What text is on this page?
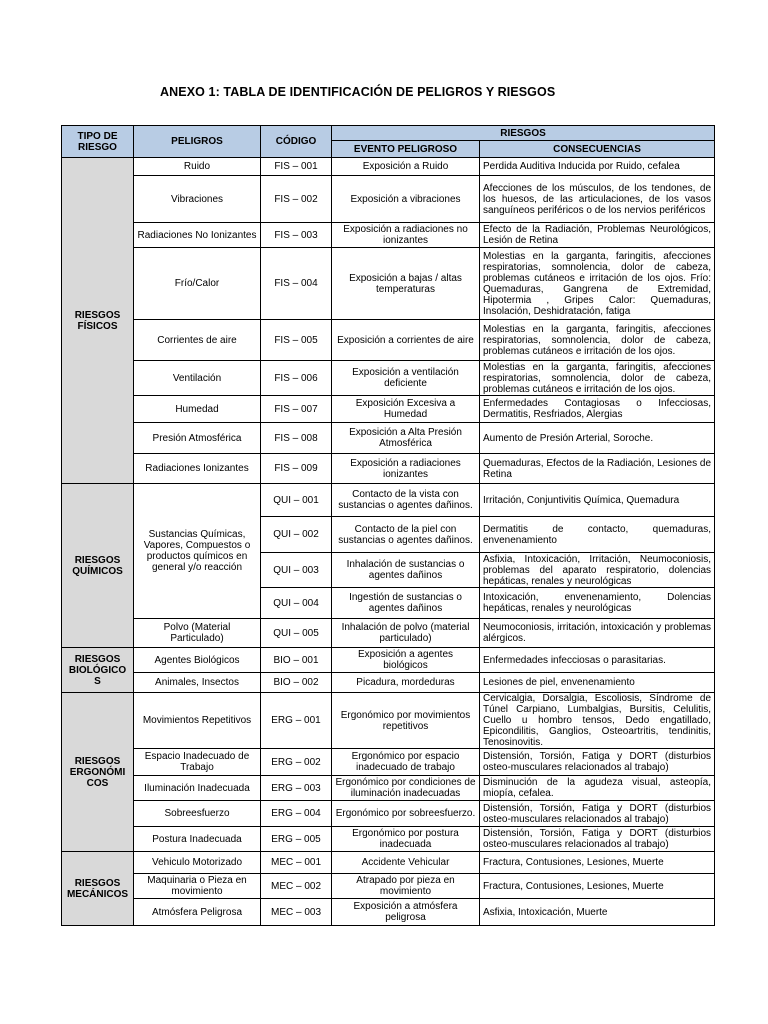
ANEXO 1: TABLA DE IDENTIFICACIÓN DE PELIGROS Y RIESGOS
TIPO DE RIESGO	PELIGROS	CÓDIGO	RIESGOS	
			EVENTO PELIGROSO	CONSECUENCIAS
RIESGOS FÍSICOS	Ruido	FIS – 001	Exposición a Ruido	Perdida Auditiva Inducida por Ruido, cefalea
	Vibraciones	FIS – 002	Exposición a vibraciones	Afecciones de los músculos, de los tendones, de los huesos, de las articulaciones, de los vasos sanguíneos periféricos o de los nervios periféricos
	Radiaciones No Ionizantes	FIS – 003	Exposición a radiaciones no ionizantes	Efecto de la Radiación, Problemas Neurológicos, Lesión de Retina
	Frío/Calor	FIS – 004	Exposición a bajas / altas temperaturas	Molestias en la garganta, faringitis, afecciones respiratorias, somnolencia, dolor de cabeza, problemas cutáneos e irritación de los ojos. Frío: Quemaduras, Gangrena de Extremidad, Hipotermia , Gripes Calor: Quemaduras, Insolación, Deshidratación, fatiga
	Corrientes de aire	FIS – 005	Exposición a corrientes de aire	Molestias en la garganta, faringitis, afecciones respiratorias, somnolencia, dolor de cabeza, problemas cutáneos e irritación de los ojos.
	Ventilación	FIS – 006	Exposición a ventilación deficiente	Molestias en la garganta, faringitis, afecciones respiratorias, somnolencia, dolor de cabeza, problemas cutáneos e irritación de los ojos.
	Humedad	FIS – 007	Exposición Excesiva a Humedad	Enfermedades Contagiosas o Infecciosas, Dermatitis, Resfriados, Alergias
	Presión Atmosférica	FIS – 008	Exposición a Alta Presión Atmosférica	Aumento de Presión Arterial, Soroche.
	Radiaciones Ionizantes	FIS – 009	Exposición a radiaciones ionizantes	Quemaduras, Efectos de la Radiación, Lesiones de Retina
RIESGOS QUÍMICOS	Sustancias Químicas, Vapores, Compuestos o productos químicos en general y/o reacción	QUI – 001	Contacto de la vista con sustancias o agentes dañinos.	Irritación, Conjuntivitis Química, Quemadura
		QUI – 002	Contacto de la piel con sustancias o agentes dañinos.	Dermatitis de contacto, quemaduras, envenenamiento
		QUI – 003	Inhalación de sustancias o agentes dañinos	Asfixia, Intoxicación, Irritación, Neumoconiosis, problemas del aparato respiratorio, dolencias hepáticas, renales y neurológicas
		QUI – 004	Ingestión de sustancias o agentes dañinos	Intoxicación, envenenamiento, Dolencias hepáticas, renales y neurológicas
	Polvo (Material Particulado)	QUI – 005	Inhalación de polvo (material particulado)	Neumoconiosis, irritación, intoxicación y problemas alérgicos.
RIESGOS BIOLÓGICO S	Agentes Biológicos	BIO – 001	Exposición a agentes biológicos	Enfermedades infecciosas o parasitarias.
	Animales, Insectos	BIO – 002	Picadura, mordeduras	Lesiones de piel, envenenamiento
RIESGOS ERGONÓMI COS	Movimientos Repetitivos	ERG – 001	Ergonómico por movimientos repetitivos	Cervicalgia, Dorsalgia, Escoliosis, Síndrome de Túnel Carpiano, Lumbalgias, Bursitis, Celulitis, Cuello u hombro tensos, Dedo engatillado, Epicondilitis, Ganglios, Osteoartritis, tendinitis, Tenosinovitis.
	Espacio Inadecuado de Trabajo	ERG – 002	Ergonómico por espacio inadecuado de trabajo	Distensión, Torsión, Fatiga y DORT (disturbios osteo-musculares relacionados al trabajo)
	Iluminación Inadecuada	ERG – 003	Ergonómico por condiciones de iluminación inadecuadas	Disminución de la agudeza visual, asteopía, miopía, cefalea.
	Sobreesfuerzo	ERG – 004	Ergonómico por sobreesfuerzo.	Distensión, Torsión, Fatiga y DORT (disturbios osteo-musculares relacionados al trabajo)
	Postura Inadecuada	ERG – 005	Ergonómico por postura inadecuada	Distensión, Torsión, Fatiga y DORT (disturbios osteo-musculares relacionados al trabajo)
RIESGOS MECÁNICOS	Vehiculo Motorizado	MEC – 001	Accidente Vehicular	Fractura, Contusiones, Lesiones, Muerte
	Maquinaria o Pieza en movimiento	MEC – 002	Atrapado por pieza en movimiento	Fractura, Contusiones, Lesiones, Muerte
	Atmósfera Peligrosa	MEC – 003	Exposición a atmósfera peligrosa	Asfixia, Intoxicación, Muerte
